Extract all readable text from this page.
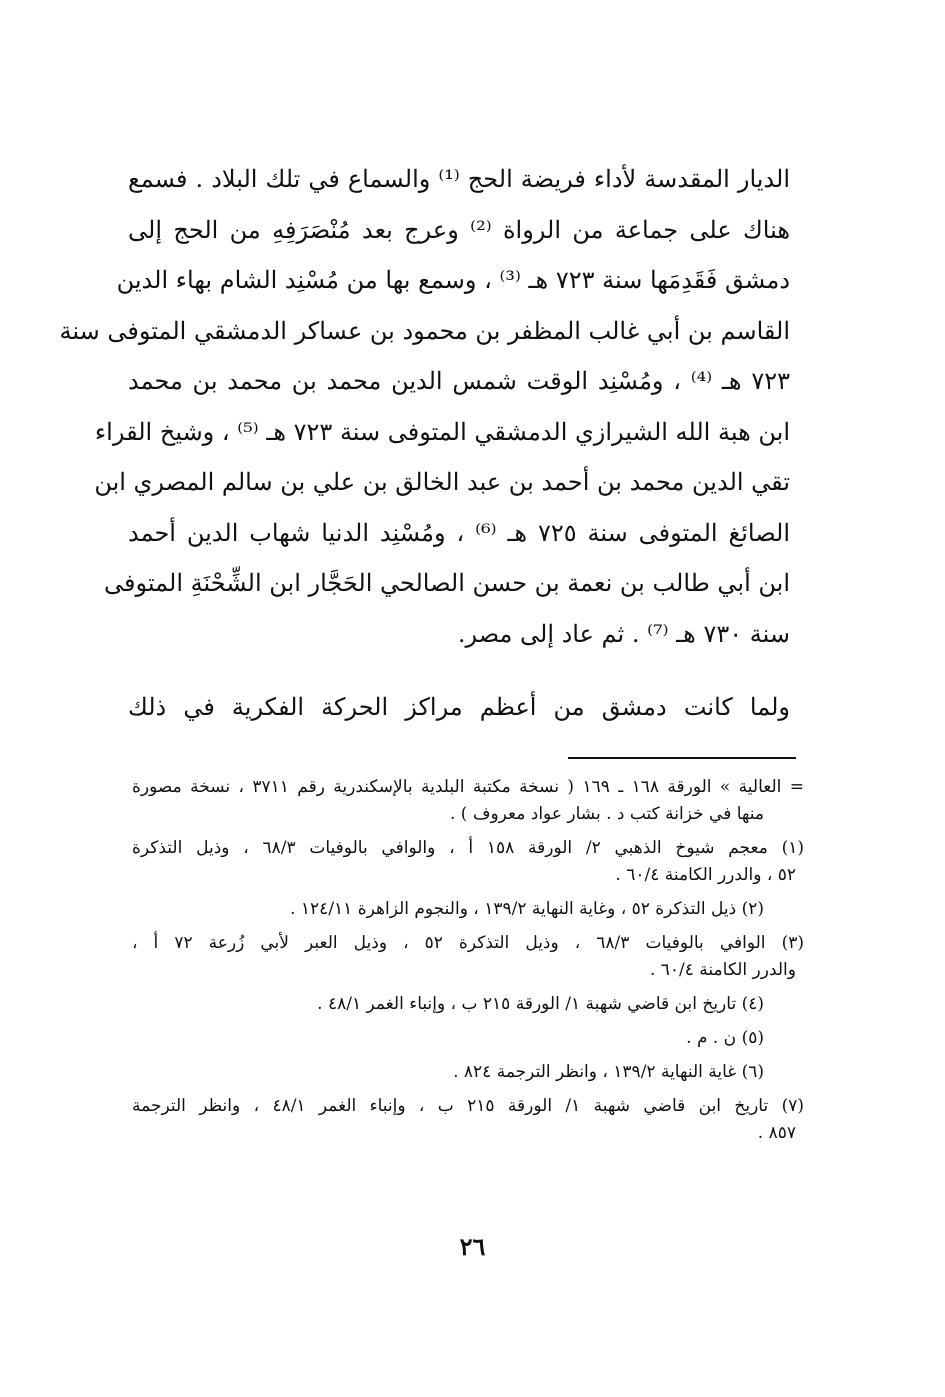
الديار المقدسة لأداء فريضة الحج ⁽¹⁾ والسماع في تلك البلاد . فسمع
هناك على جماعة من الرواة ⁽²⁾ وعرج بعد مُنْصَرَفِهِ من الحج إلى
دمشق فَقَدِمَها سنة ٧٢٣ هـ ⁽³⁾ ، وسمع بها من مُسْنِد الشام بهاء الدين
القاسم بن أبي غالب المظفر بن محمود بن عساكر الدمشقي المتوفى سنة
٧٢٣ هـ ⁽⁴⁾ ، ومُسْنِد الوقت شمس الدين محمد بن محمد بن محمد
ابن هبة الله الشيرازي الدمشقي المتوفى سنة ٧٢٣ هـ ⁽⁵⁾ ، وشيخ القراء
تقي الدين محمد بن أحمد بن عبد الخالق بن علي بن سالم المصري ابن
الصائغ المتوفى سنة ٧٢٥ هـ ⁽⁶⁾ ، ومُسْنِد الدنيا شهاب الدين أحمد
ابن أبي طالب بن نعمة بن حسن الصالحي الحَجَّار ابن الشِّحْنَةِ المتوفى
سنة ٧٣٠ هـ ⁽⁷⁾ . ثم عاد إلى مصر.
ولما كانت دمشق من أعظم مراكز الحركة الفكرية في ذلك
= العالية » الورقة ١٦٨ ـ ١٦٩ ( نسخة مكتبة البلدية بالإسكندرية رقم ٣٧١١ ، نسخة مصورة
منها في خزانة كتب د . بشار عواد معروف ) .
(١) معجم شيوخ الذهبي ٢/ الورقة ١٥٨ أ ، والوافي بالوفيات ٦٨/٣ ، وذيل التذكرة
٥٢ ، والدرر الكامنة ٦٠/٤ .
(٢) ذيل التذكرة ٥٢ ، وغاية النهاية ١٣٩/٢ ، والنجوم الزاهرة ١٢٤/١١ .
(٣) الوافي بالوفيات ٦٨/٣ ، وذيل التذكرة ٥٢ ، وذيل العبر لأبي زُرعة ٧٢ أ ،
والدرر الكامنة ٦٠/٤ .
(٤) تاريخ ابن قاضي شهبة ١/ الورقة ٢١٥ ب ، وإنباء الغمر ٤٨/١ .
(٥) ن . م .
(٦) غاية النهاية ١٣٩/٢ ، وانظر الترجمة ٨٢٤ .
(٧) تاريخ ابن قاضي شهبة ١/ الورقة ٢١٥ ب ، وإنباء الغمر ٤٨/١ ، وانظر الترجمة
٨٥٧ .
٢٦
